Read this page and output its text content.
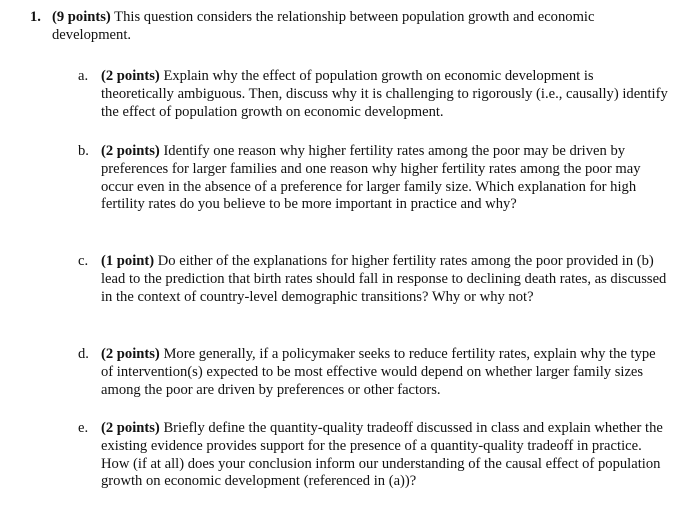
1. (9 points) This question considers the relationship between population growth and economic development.
a. (2 points) Explain why the effect of population growth on economic development is theoretically ambiguous. Then, discuss why it is challenging to rigorously (i.e., causally) identify the effect of population growth on economic development.
b. (2 points) Identify one reason why higher fertility rates among the poor may be driven by preferences for larger families and one reason why higher fertility rates among the poor may occur even in the absence of a preference for larger family size. Which explanation for high fertility rates do you believe to be more important in practice and why?
c. (1 point) Do either of the explanations for higher fertility rates among the poor provided in (b) lead to the prediction that birth rates should fall in response to declining death rates, as discussed in the context of country-level demographic transitions? Why or why not?
d. (2 points) More generally, if a policymaker seeks to reduce fertility rates, explain why the type of intervention(s) expected to be most effective would depend on whether larger family sizes among the poor are driven by preferences or other factors.
e. (2 points) Briefly define the quantity-quality tradeoff discussed in class and explain whether the existing evidence provides support for the presence of a quantity-quality tradeoff in practice. How (if at all) does your conclusion inform our understanding of the causal effect of population growth on economic development (referenced in (a))?
